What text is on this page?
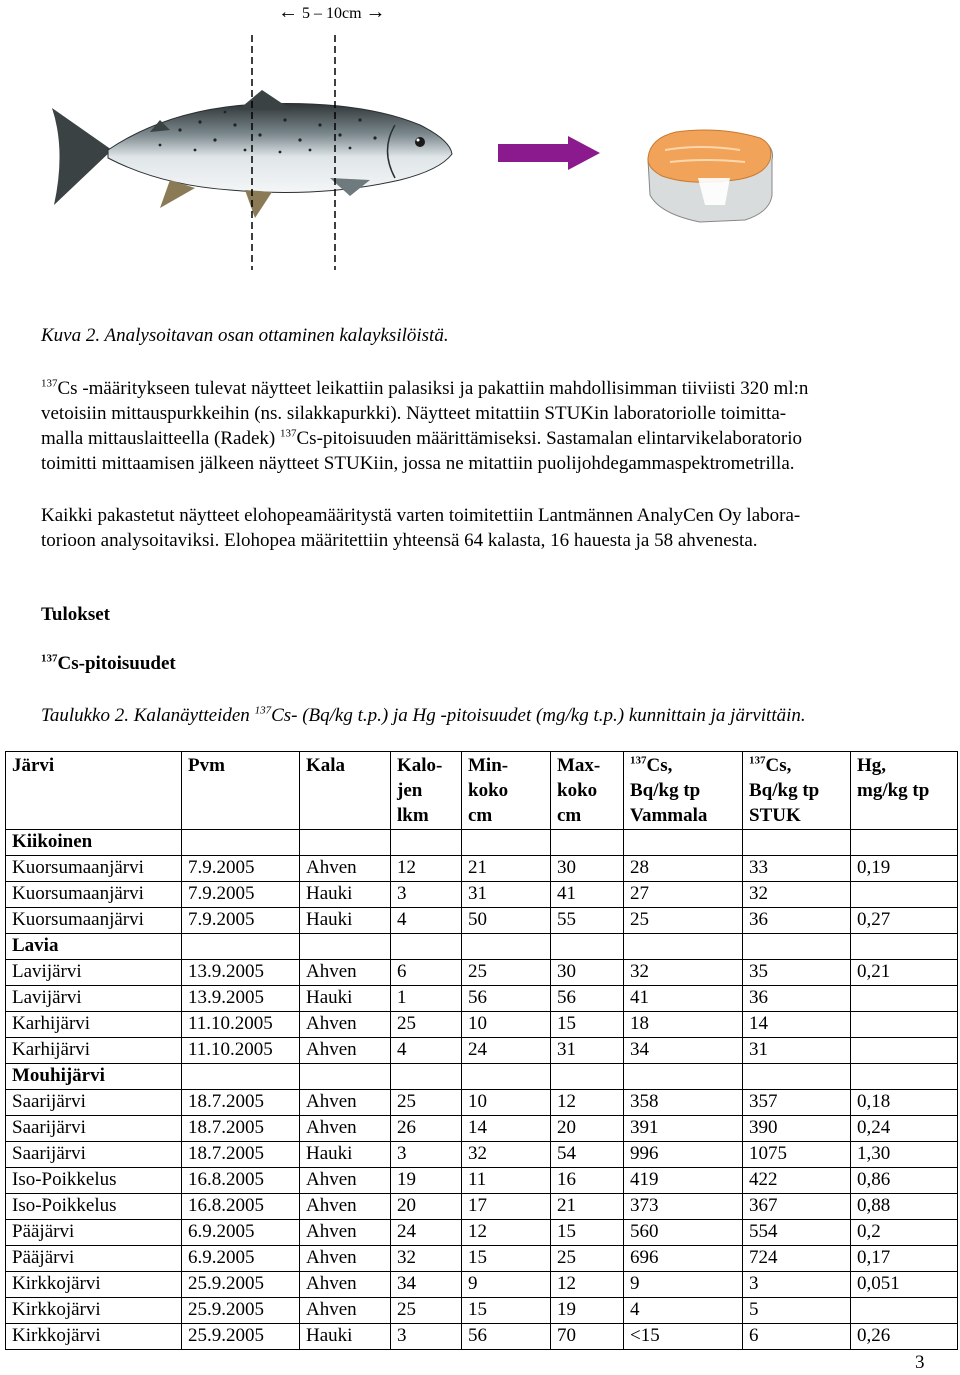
← 5 – 10cm →
Kuva 2. Analysoitavan osan ottaminen kalayksilöistä.
$^{137}$Cs -määritykseen tulevat näytteet leikattiin palasiksi ja pakattiin mahdollisimman tiiviisti 320 ml:n
vetoisiin mittauspurkkeihin (ns. silakkapurkki). Näytteet mitattiin STUKin laboratoriolle toimitta-
malla mittauslaitteella (Radek) $^{137}$Cs-pitoisuuden määrittämiseksi. Sastamalan elintarvikelaboratorio
toimitti mittaamisen jälkeen näytteet STUKiin, jossa ne mitattiin puolijohdegammaspektrometrilla.
Kaikki pakastetut näytteet elohopeamääritystä varten toimitettiin Lantmännen AnalyCen Oy labora-
torioon analysoitaviksi. Elohopea määritettiin yhteensä 64 kalasta, 16 hauesta ja 58 ahvenesta.
Tulokset
$^{137}$Cs-pitoisuudet
Taulukko 2. Kalanäytteiden $^{137}$Cs- (Bq/kg t.p.) ja Hg -pitoisuudet (mg/kg t.p.) kunnittain ja järvittäin.
Järvi	Pvm	Kala	Kalo-	Min-	Max-	$^{137}$Cs,	$^{137}$Cs,	Hg,
			jen	koko	koko	Bq/kg tp	Bq/kg tp	mg/kg tp
			lkm	cm	cm	Vammala	STUK	
Kiikoinen								
Kuorsumaanjärvi	7.9.2005	Ahven	12	21	30	28	33	0,19
Kuorsumaanjärvi	7.9.2005	Hauki	3	31	41	27	32	
Kuorsumaanjärvi	7.9.2005	Hauki	4	50	55	25	36	0,27
Lavia								
Lavijärvi	13.9.2005	Ahven	6	25	30	32	35	0,21
Lavijärvi	13.9.2005	Hauki	1	56	56	41	36	
Karhijärvi	11.10.2005	Ahven	25	10	15	18	14	
Karhijärvi	11.10.2005	Ahven	4	24	31	34	31	
Mouhijärvi								
Saarijärvi	18.7.2005	Ahven	25	10	12	358	357	0,18
Saarijärvi	18.7.2005	Ahven	26	14	20	391	390	0,24
Saarijärvi	18.7.2005	Hauki	3	32	54	996	1075	1,30
Iso-Poikkelus	16.8.2005	Ahven	19	11	16	419	422	0,86
Iso-Poikkelus	16.8.2005	Ahven	20	17	21	373	367	0,88
Pääjärvi	6.9.2005	Ahven	24	12	15	560	554	0,2
Pääjärvi	6.9.2005	Ahven	32	15	25	696	724	0,17
Kirkkojärvi	25.9.2005	Ahven	34	9	12	9	3	0,051
Kirkkojärvi	25.9.2005	Ahven	25	15	19	4	5	
Kirkkojärvi	25.9.2005	Hauki	3	56	70	<15	6	0,26
3
